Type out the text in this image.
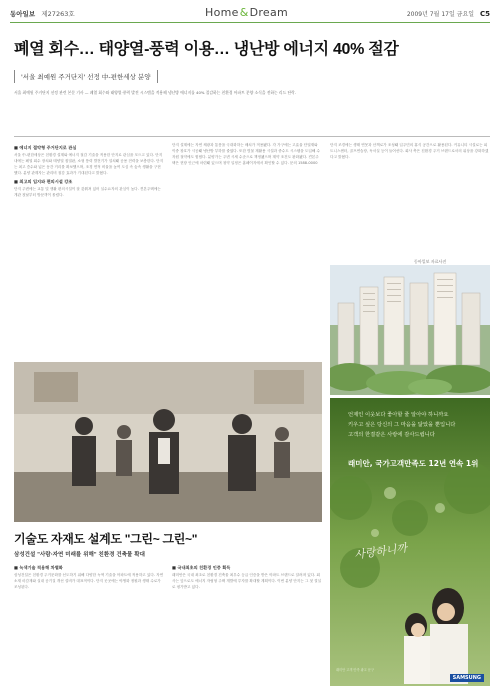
동아일보 제27263호	Home&Dream	2009년 7월 17일 금요일 C5
폐열 회수… 태양열-풍력 이용… 냉난방 에너지 40% 절감
'서울 최예원 주거단지' 선정 中-편한세상 분양
서울 최예원 주거단지 선정 관련 본문 기사 — 폐열 회수와 태양열·풍력 발전 시스템을 적용해 냉난방 에너지를 40% 절감하는 친환경 아파트 분양 소식을 전하는 리드 단락.
■ 에너지 절약형 주거단지로 관심
서울 中-편한세상은 친환경 설계와 에너지 절감 기술을 적용한 단지로 관심을 모으고 있다. 단지 내에는 폐열 회수 장치와 태양열 집열판, 소형 풍력 발전기가 설치돼 공용 전력을 보충한다. 단지는 최고 층수와 넓은 동간 거리를 확보했으며, 조경 면적 비율을 높여 도심 속 숲속 생활을 구현했다. 분양 관계자는 관리비 절감 효과가 기대된다고 밝혔다.
■ 최고의 입지와 편의시설 강조
단지 주변에는 교통 및 생활 편의시설이 잘 갖춰져 있어 실수요자의 관심이 높다. 견본주택에는 개관 첫날부터 방문객이 몰렸다.
단지 설계에는 자연 채광과 통풍을 극대화하는 배치가 적용됐다. 각 가구에는 고효율 단열재와 이중 창호가 시공돼 냉난방 부하를 줄였다. 또한 빗물 재활용 시설과 중수도 시스템을 도입해 수자원 절약에도 힘썼다. 분양가는 주변 시세 수준으로 책정됐으며 계약 조건도 완화됐다. 견본주택은 현장 인근에 마련돼 있으며 청약 일정은 홈페이지에서 확인할 수 있다. 문의 1588-0000
단지 조경에는 생태 연못과 산책로가 조성돼 입주민의 휴식 공간으로 활용된다. 커뮤니티 시설로는 피트니스센터, 골프연습장, 독서실 등이 들어선다. 회사 측은 친환경 주거 브랜드로서의 위상을 강화하겠다고 밝혔다.
동아일보 자료사진
기술도 자재도 설계도 "그린~ 그린~"
삼성건설 "사람·자연 미래를 위해" 친환경 건축물 확대
■ 녹색기술 적용해 차별화
삼성건설은 친환경 주거문화를 선도하기 위해 다양한 녹색 기술을 아파트에 적용하고 있다. 자연 소재 마감재와 실내 공기질 개선 설비가 대표적이다. 단지 곳곳에는 야생화 정원과 생태 수로가 조성된다.
■ 국내최초의 친환경 인증 획득
래미안은 국내 최초로 친환경 건축물 최우수 등급 인증을 받은 아파트 브랜드로 알려져 있다. 회사는 앞으로도 에너지 자립형 주택 개발에 투자를 확대할 계획이다. 이번 분양 단지는 그 첫 결실로 평가받고 있다.
언제인 이웃보다 좋아할 줄 알아야 하니까요
키우고 싶은 당신의 그 마음을 닮았을 뿐입니다
고객의 한결같은 사랑에 감사드립니다
래미안, 국가고객만족도 12년 연속 1위
사랑하니까
래미안 고객 만족 광고 문구
SAMSUNG
